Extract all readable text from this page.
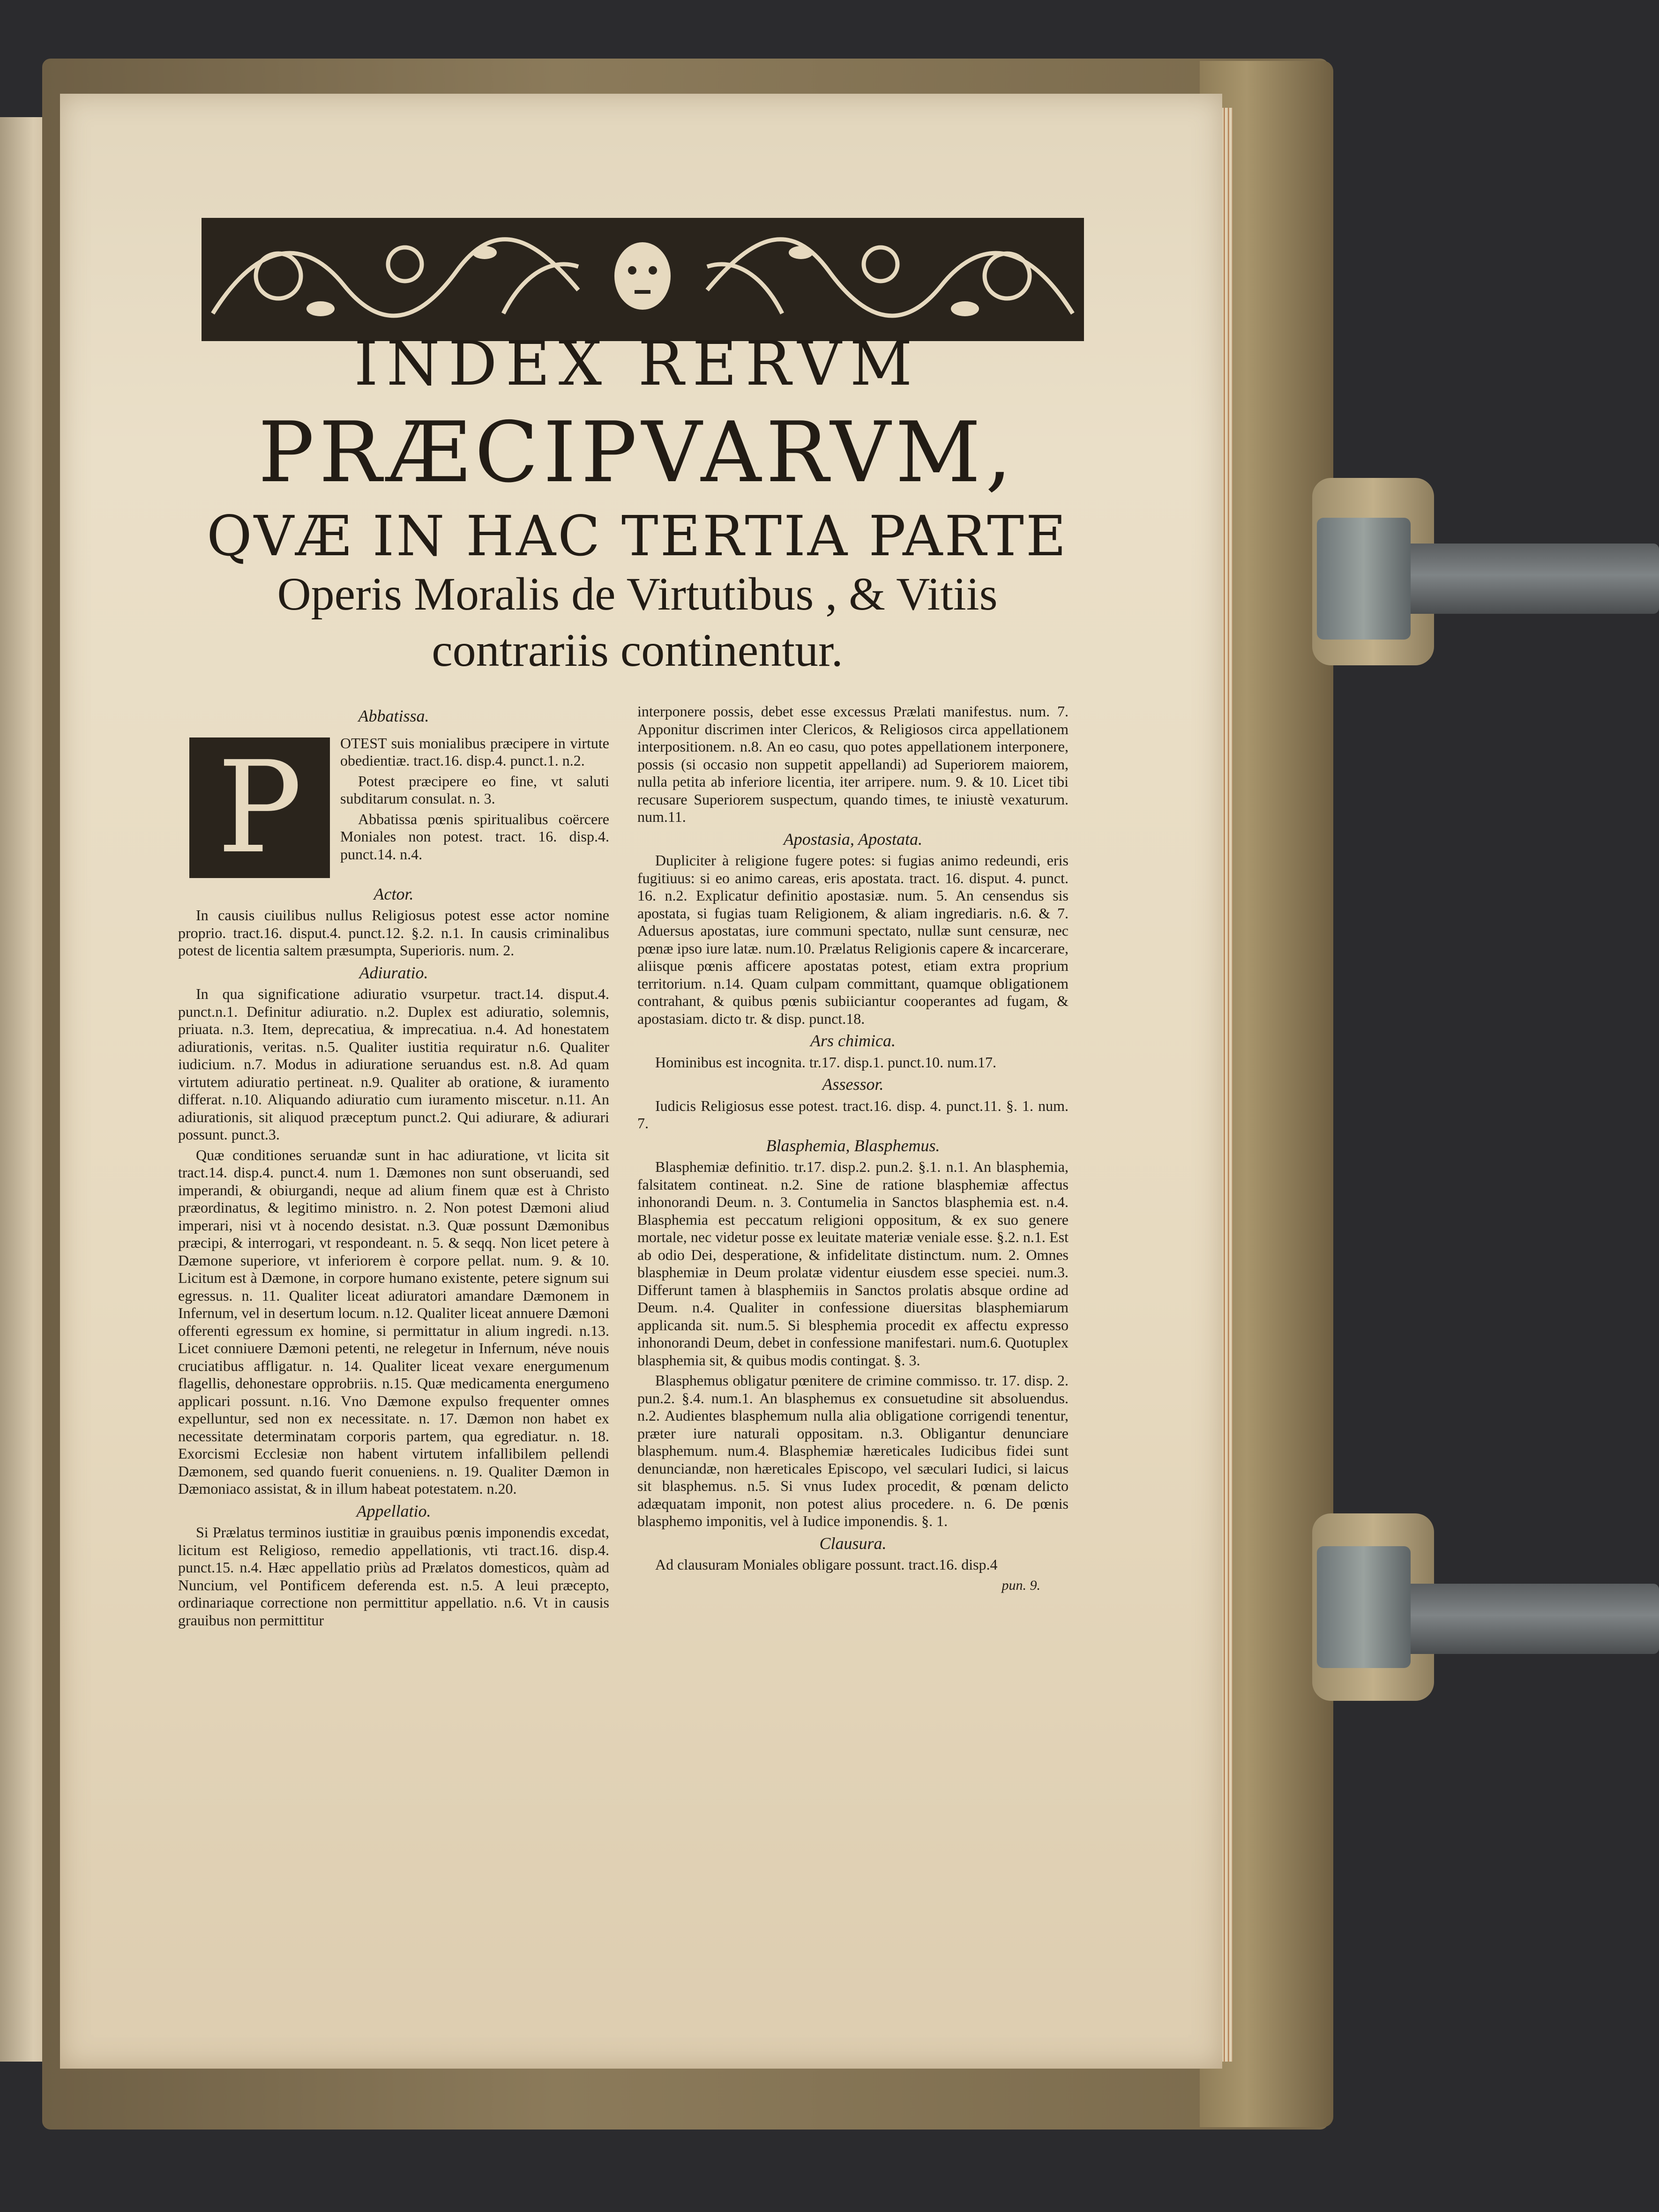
INDEX RERVM
PRÆCIPVARVM,
QVÆ IN HAC TERTIA PARTE
Operis Moralis de Virtutibus , & Vitiis
contrariis continentur.
Abbatissa.
P	OTEST suis monialibus præcipere in virtute obedientiæ. tract.16. disp.4. punct.1. n.2.

Potest præcipere eo fine, vt saluti subditarum consulat. n. 3.

Abbatissa pœnis spiritualibus coërcere Moniales non potest. tract. 16. disp.4. punct.14. n.4.

Actor.

In causis ciuilibus nullus Religiosus potest esse actor nomine proprio. tract.16. disput.4. punct.12. §.2. n.1. In causis criminalibus potest de licentia saltem præsumpta, Superioris. num. 2.

Adiuratio.

In qua significatione adiuratio vsurpetur. tract.14. disput.4. punct.n.1. Definitur adiuratio. n.2. Duplex est adiuratio, solemnis, priuata. n.3. Item, deprecatiua, & imprecatiua. n.4. Ad honestatem adiurationis, veritas. n.5. Qualiter iustitia requiratur n.6. Qualiter iudicium. n.7. Modus in adiuratione seruandus est. n.8. Ad quam virtutem adiuratio pertineat. n.9. Qualiter ab oratione, & iuramento differat. n.10. Aliquando adiuratio cum iuramento miscetur. n.11. An adiurationis, sit aliquod præceptum punct.2. Qui adiurare, & adiurari possunt. punct.3.

Quæ conditiones seruandæ sunt in hac adiuratione, vt licita sit tract.14. disp.4. punct.4. num 1. Dæmones non sunt obseruandi, sed imperandi, & obiurgandi, neque ad alium finem quæ est à Christo præordinatus, & legitimo ministro. n. 2. Non potest Dæmoni aliud imperari, nisi vt à nocendo desistat. n.3. Quæ possunt Dæmonibus præcipi, & interrogari, vt respondeant. n. 5. & seqq. Non licet petere à Dæmone superiore, vt inferiorem è corpore pellat. num. 9. & 10. Licitum est à Dæmone, in corpore humano existente, petere signum sui egressus. n. 11. Qualiter liceat adiuratori amandare Dæmonem in Infernum, vel in desertum locum. n.12. Qualiter liceat annuere Dæmoni offerenti egressum ex homine, si permittatur in alium ingredi. n.13. Licet conniuere Dæmoni petenti, ne relegetur in Infernum, néve nouis cruciatibus affligatur. n. 14. Qualiter liceat vexare energumenum flagellis, dehonestare opprobriis. n.15. Quæ medicamenta energumeno applicari possunt. n.16. Vno Dæmone expulso frequenter omnes expelluntur, sed non ex necessitate. n. 17. Dæmon non habet ex necessitate determinatam corporis partem, qua egrediatur. n. 18. Exorcismi Ecclesiæ non habent virtutem infallibilem pellendi Dæmonem, sed quando fuerit conueniens. n. 19. Qualiter Dæmon in Dæmoniaco assistat, & in illum habeat potestatem. n.20.

Appellatio.

Si Prælatus terminos iustitiæ in grauibus pœnis imponendis excedat, licitum est Religioso, remedio appellationis, vti tract.16. disp.4. punct.15. n.4. Hæc appellatio priùs ad Prælatos domesticos, quàm ad Nuncium, vel Pontificem deferenda est. n.5. A leui præcepto, ordinariaque correctione non permittitur appellatio. n.6. Vt in causis grauibus non permittitur

interponere possis, debet esse excessus Prælati manifestus. num. 7. Apponitur discrimen inter Clericos, & Religiosos circa appellationem interpositionem. n.8. An eo casu, quo potes appellationem interponere, possis (si occasio non suppetit appellandi) ad Superiorem maiorem, nulla petita ab inferiore licentia, iter arripere. num. 9. & 10. Licet tibi recusare Superiorem suspectum, quando times, te iniustè vexaturum. num.11.

Apostasia, Apostata.

Dupliciter à religione fugere potes: si fugias animo redeundi, eris fugitiuus: si eo animo careas, eris apostata. tract. 16. disput. 4. punct. 16. n.2. Explicatur definitio apostasiæ. num. 5. An censendus sis apostata, si fugias tuam Religionem, & aliam ingrediaris. n.6. & 7. Aduersus apostatas, iure communi spectato, nullæ sunt censuræ, nec pœnæ ipso iure latæ. num.10. Prælatus Religionis capere & incarcerare, aliisque pœnis afficere apostatas potest, etiam extra proprium territorium. n.14. Quam culpam committant, quamque obligationem contrahant, & quibus pœnis subiiciantur cooperantes ad fugam, & apostasiam. dicto tr. & disp. punct.18.

Ars chimica.

Hominibus est incognita. tr.17. disp.1. punct.10. num.17.

Assessor.

Iudicis Religiosus esse potest. tract.16. disp. 4. punct.11. §. 1. num. 7.

Blasphemia, Blasphemus.

Blasphemiæ definitio. tr.17. disp.2. pun.2. §.1. n.1. An blasphemia, falsitatem contineat. n.2. Sine de ratione blasphemiæ affectus inhonorandi Deum. n. 3. Contumelia in Sanctos blasphemia est. n.4. Blasphemia est peccatum religioni oppositum, & ex suo genere mortale, nec videtur posse ex leuitate materiæ veniale esse. §.2. n.1. Est ab odio Dei, desperatione, & infidelitate distinctum. num. 2. Omnes blasphemiæ in Deum prolatæ videntur eiusdem esse speciei. num.3. Differunt tamen à blasphemiis in Sanctos prolatis absque ordine ad Deum. n.4. Qualiter in confessione diuersitas blasphemiarum applicanda sit. num.5. Si blesphemia procedit ex affectu expresso inhonorandi Deum, debet in confessione manifestari. num.6. Quotuplex blasphemia sit, & quibus modis contingat. §. 3.

Blasphemus obligatur pœnitere de crimine commisso. tr. 17. disp. 2. pun.2. §.4. num.1. An blasphemus ex consuetudine sit absoluendus. n.2. Audientes blasphemum nulla alia obligatione corrigendi tenentur, præter iure naturali oppositam. n.3. Obligantur denunciare blasphemum. num.4. Blasphemiæ hæreticales Iudicibus fidei sunt denunciandæ, non hæreticales Episcopo, vel sæculari Iudici, si laicus sit blasphemus. n.5. Si vnus Iudex procedit, & pœnam delicto adæquatam imponit, non potest alius procedere. n. 6. De pœnis blasphemo imponitis, vel à Iudice imponendis. §. 1.

Clausura.

Ad clausuram Moniales obligare possunt. tract.16. disp.4

pun. 9.
